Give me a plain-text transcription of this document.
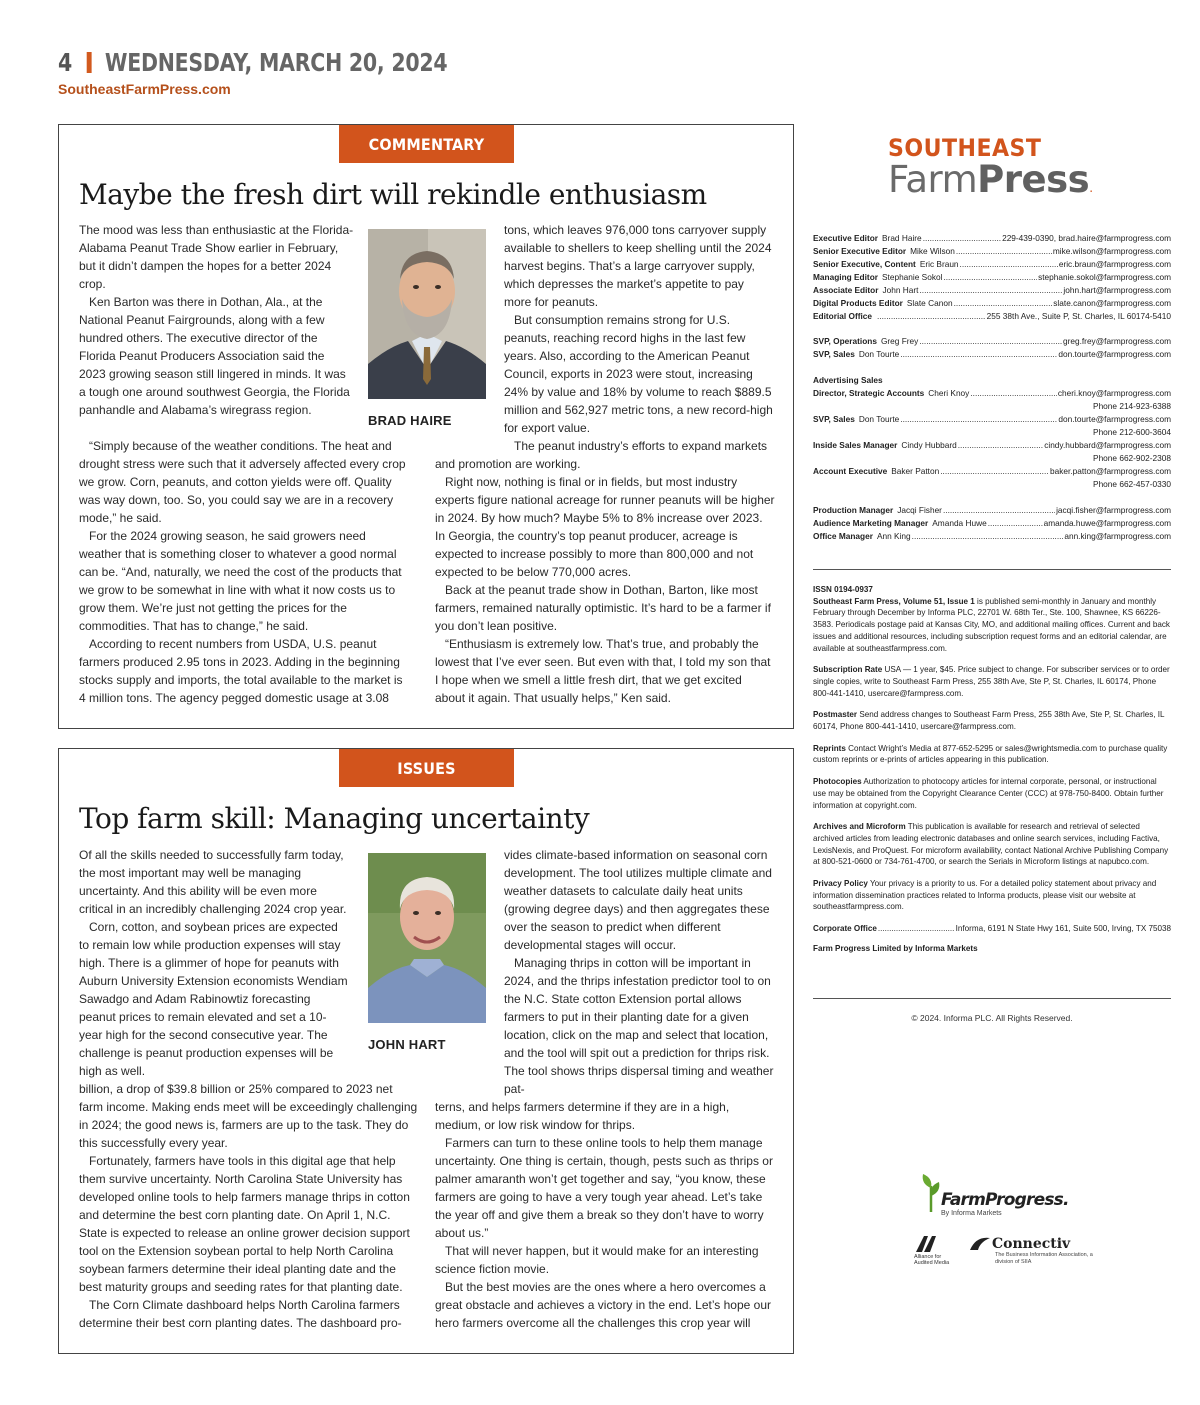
4 WEDNESDAY, MARCH 20, 2024
SoutheastFarmPress.com
COMMENTARY
Maybe the fresh dirt will rekindle enthusiasm

The mood was less than enthusiastic at the Florida-Alabama Peanut Trade Show earlier in February, but it didn’t dampen the hopes for a better 2024 crop.

Ken Barton was there in Dothan, Ala., at the National Peanut Fairgrounds, along with a few hundred others. The executive director of the Florida Peanut Producers Association said the 2023 growing season still lingered in minds. It was a tough one around southwest Georgia, the Florida panhandle and Alabama’s wiregrass region.

“Simply because of the weather conditions. The heat and drought stress were such that it adversely affected every crop we grow. Corn, peanuts, and cotton yields were off. Quality was way down, too. So, you could say we are in a recovery mode,” he said.

For the 2024 growing season, he said growers need weather that is something closer to whatever a good normal can be. “And, naturally, we need the cost of the products that we grow to be somewhat in line with what it now costs us to grow them. We’re just not getting the prices for the commodities. That has to change,” he said.

According to recent numbers from USDA, U.S. peanut farmers produced 2.95 tons in 2023. Adding in the beginning stocks supply and imports, the total available to the market is 4 million tons. The agency pegged domestic usage at 3.08

tons, which leaves 976,000 tons carryover supply available to shellers to keep shelling until the 2024 harvest begins. That’s a large carryover supply, which depresses the market’s appetite to pay more for peanuts.

But consumption remains strong for U.S. peanuts, reaching record highs in the last few years. Also, according to the American Peanut Council, exports in 2023 were stout, increasing 24% by value and 18% by volume to reach $889.5 million and 562,927 metric tons, a new record-high for export value.

The peanut industry’s efforts to expand markets

and promotion are working.

Right now, nothing is final or in fields, but most industry experts figure national acreage for runner peanuts will be higher in 2024. By how much? Maybe 5% to 8% increase over 2023. In Georgia, the country’s top peanut producer, acreage is expected to increase possibly to more than 800,000 and not expected to be below 770,000 acres.

Back at the peanut trade show in Dothan, Barton, like most farmers, remained naturally optimistic. It’s hard to be a farmer if you don’t lean positive.

“Enthusiasm is extremely low. That’s true, and probably the lowest that I’ve ever seen. But even with that, I told my son that I hope when we smell a little fresh dirt, that we get excited about it again. That usually helps,” Ken said.

BRAD HAIRE
ISSUES
Top farm skill: Managing uncertainty

Of all the skills needed to successfully farm today, the most important may well be managing uncertainty. And this ability will be even more critical in an incredibly challenging 2024 crop year.

Corn, cotton, and soybean prices are expected to remain low while production expenses will stay high. There is a glimmer of hope for peanuts with Auburn University Extension economists Wendiam Sawadgo and Adam Rabinowtiz forecasting peanut prices to remain elevated and set a 10-year high for the second consecutive year. The challenge is peanut production expenses will be high as well.

billion, a drop of $39.8 billion or 25% compared to 2023 net farm income. Making ends meet will be exceedingly challenging in 2024; the good news is, farmers are up to the task. They do this successfully every year.

Fortunately, farmers have tools in this digital age that help them survive uncertainty. North Carolina State University has developed online tools to help farmers manage thrips in cotton and determine the best corn planting date. On April 1, N.C. State is expected to release an online grower decision support tool on the Extension soybean portal to help North Carolina soybean farmers determine their ideal planting date and the best maturity groups and seeding rates for that planting date.

The Corn Climate dashboard helps North Carolina farmers determine their best corn planting dates. The dashboard pro-

vides climate-based information on seasonal corn development. The tool utilizes multiple climate and weather datasets to calculate daily heat units (growing degree days) and then aggregates these over the season to predict when different developmental stages will occur.

Managing thrips in cotton will be important in 2024, and the thrips infestation predictor tool to on the N.C. State cotton Extension portal allows farmers to put in their planting date for a given location, click on the map and select that location, and the tool will spit out a prediction for thrips risk. The tool shows thrips dispersal timing and weather pat-

terns, and helps farmers determine if they are in a high, medium, or low risk window for thrips.

Farmers can turn to these online tools to help them manage uncertainty. One thing is certain, though, pests such as thrips or palmer amaranth won’t get together and say, “you know, these farmers are going to have a very tough year ahead. Let’s take the year off and give them a break so they don’t have to worry about us.”

That will never happen, but it would make for an interesting science fiction movie.

But the best movies are the ones where a hero overcomes a great obstacle and achieves a victory in the end. Let’s hope our hero farmers overcome all the challenges this crop year will

JOHN HART
SOUTHEAST
FarmPress.
Executive Editor Brad Haire .....	229-439-0390, brad.haire@farmprogress.com
Senior Executive Editor Mike Wilson .....	mike.wilson@farmprogress.com
Senior Executive, Content Eric Braun .....	eric.braun@farmprogress.com
Managing Editor Stephanie Sokol .....	stephanie.sokol@farmprogress.com
Associate Editor John Hart .....	john.hart@farmprogress.com
Digital Products Editor Slate Canon .....	slate.canon@farmprogress.com
Editorial Office .....	255 38th Ave., Suite P, St. Charles, IL 60174-5410
SVP, Operations Greg Frey .....	greg.frey@farmprogress.com
SVP, Sales Don Tourte .....	don.tourte@farmprogress.com
Advertising Sales
Director, Strategic Accounts Cheri Knoy .....	cheri.knoy@farmprogress.com
Phone 214-923-6388
SVP, Sales Don Tourte .....	don.tourte@farmprogress.com
Phone 212-600-3604
Inside Sales Manager Cindy Hubbard .....	cindy.hubbard@farmprogress.com
Phone 662-902-2308
Account Executive Baker Patton .....	baker.patton@farmprogress.com
Phone 662-457-0330
Production Manager Jacqi Fisher .....	jacqi.fisher@farmprogress.com
Audience Marketing Manager Amanda Huwe .....	amanda.huwe@farmprogress.com
Office Manager Ann King .....	ann.king@farmprogress.com
ISSN 0194-0937

Southeast Farm Press, Volume 51, Issue 1 is published semi-monthly in January and monthly February through December by Informa PLC, 22701 W. 68th Ter., Ste. 100, Shawnee, KS 66226-3583. Periodicals postage paid at Kansas City, MO, and additional mailing offices. Current and back issues and additional resources, including subscription request forms and an editorial calendar, are available at southeastfarmpress.com.

Subscription Rate USA — 1 year, $45. Price subject to change. For subscriber services or to order single copies, write to Southeast Farm Press, 255 38th Ave, Ste P, St. Charles, IL 60174, Phone 800-441-1410, usercare@farmpress.com.

Postmaster Send address changes to Southeast Farm Press, 255 38th Ave, Ste P, St. Charles, IL 60174, Phone 800-441-1410, usercare@farmpress.com.

Reprints Contact Wright’s Media at 877-652-5295 or sales@wrightsmedia.com to purchase quality custom reprints or e-prints of articles appearing in this publication.

Photocopies Authorization to photocopy articles for internal corporate, personal, or instructional use may be obtained from the Copyright Clearance Center (CCC) at 978-750-8400. Obtain further information at copyright.com.

Archives and Microform This publication is available for research and retrieval of selected archived articles from leading electronic databases and online search services, including Factiva, LexisNexis, and ProQuest. For microform availability, contact National Archive Publishing Company at 800-521-0600 or 734-761-4700, or search the Serials in Microform listings at napubco.com.

Privacy Policy Your privacy is a priority to us. For a detailed policy statement about privacy and information dissemination practices related to Informa products, please visit our website at southeastfarmpress.com.

Corporate Office .....	Informa, 6191 N State Hwy 161, Suite 500, Irving, TX 75038
Farm Progress Limited by Informa Markets
© 2024. Informa PLC. All Rights Reserved.
FarmProgress.
By Informa Markets
Alliance for Audited Media
Connectiv
The Business Information Association, a division of SIIA
